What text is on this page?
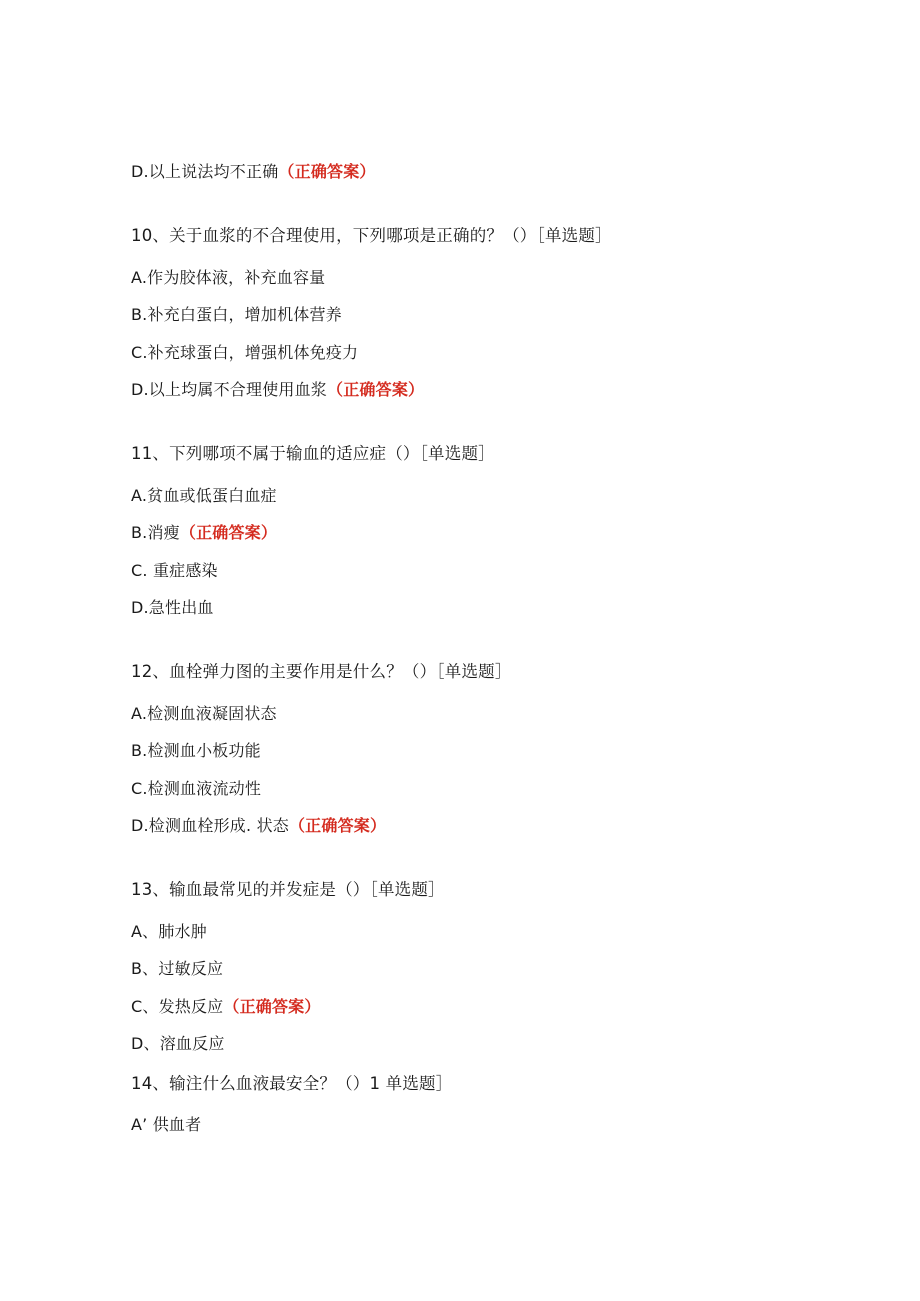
D.以上说法均不正确（正确答案）
10、关于血浆的不合理使用，下列哪项是正确的？（）［单选题］
A.作为胶体液，补充血容量
B.补充白蛋白，增加机体营养
C.补充球蛋白，增强机体免疫力
D.以上均属不合理使用血浆（正确答案）
11、下列哪项不属于输血的适应症（）［单选题］
A.贫血或低蛋白血症
B.消瘦（正确答案）
C. 重症感染
D.急性出血
12、血栓弹力图的主要作用是什么？（）［单选题］
A.检测血液凝固状态
B.检测血小板功能
C.检测血液流动性
D.检测血栓形成. 状态（正确答案）
13、输血最常见的并发症是（）［单选题］
A、肺水肿
B、过敏反应
C、发热反应（正确答案）
D、溶血反应
14、输注什么血液最安全？（）1 单选题］
A’ 供血者
